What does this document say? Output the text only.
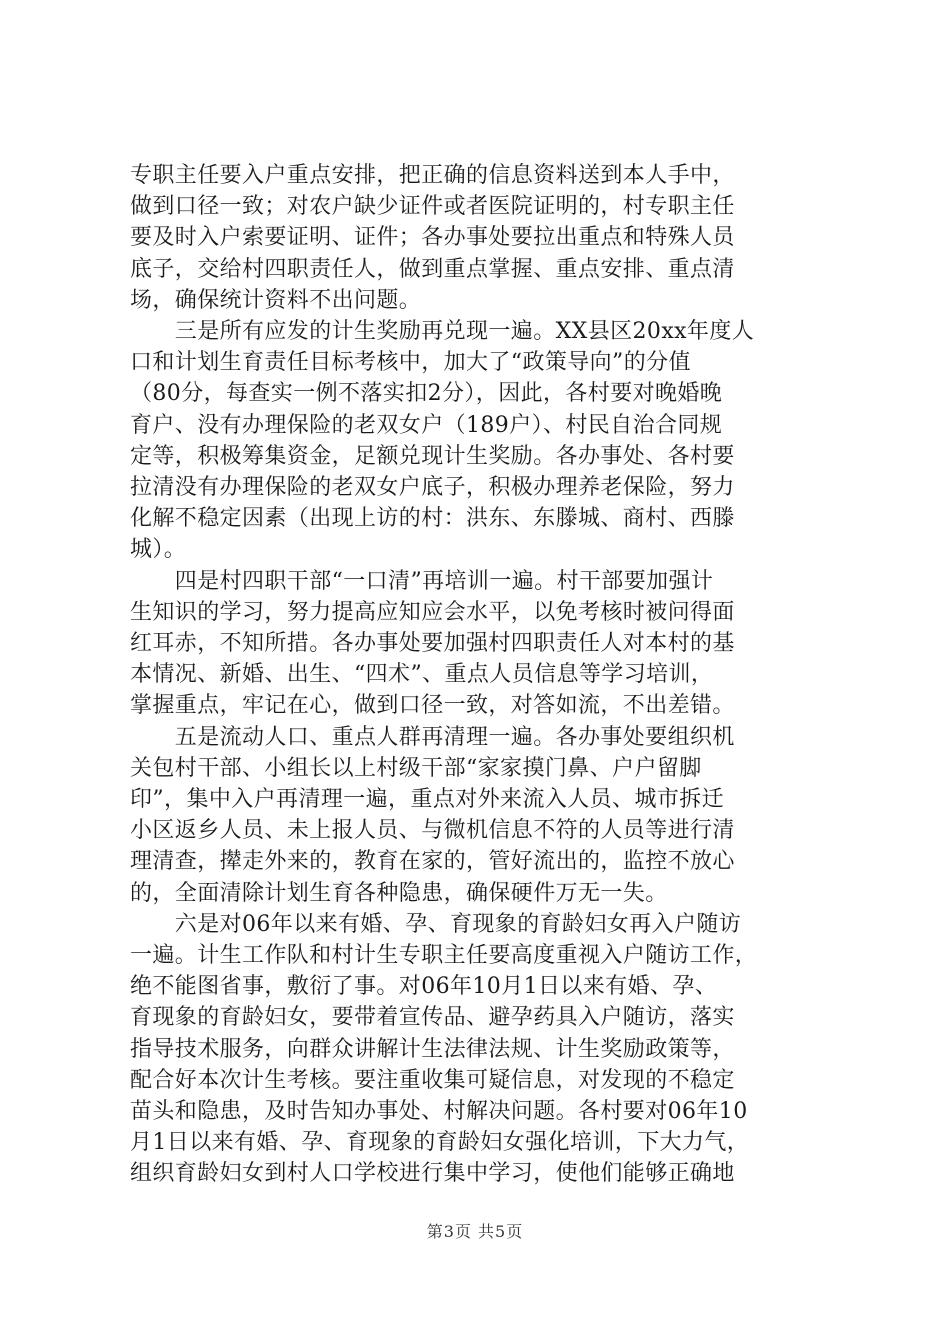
专职主任要入户重点安排，把正确的信息资料送到本人手中，
做到口径一致；对农户缺少证件或者医院证明的，村专职主任
要及时入户索要证明、证件；各办事处要拉出重点和特殊人员
底子，交给村四职责任人，做到重点掌握、重点安排、重点清
场，确保统计资料不出问题。
　　三是所有应发的计生奖励再兑现一遍。XX县区20xx年度人
口和计划生育责任目标考核中，加大了“政策导向”的分值
（80分，每查实一例不落实扣2分），因此，各村要对晚婚晚
育户、没有办理保险的老双女户（189户）、村民自治合同规
定等，积极筹集资金，足额兑现计生奖励。各办事处、各村要
拉清没有办理保险的老双女户底子，积极办理养老保险，努力
化解不稳定因素（出现上访的村：洪东、东滕城、商村、西滕
城）。
　　四是村四职干部“一口清”再培训一遍。村干部要加强计
生知识的学习，努力提高应知应会水平，以免考核时被问得面
红耳赤，不知所措。各办事处要加强村四职责任人对本村的基
本情况、新婚、出生、“四术”、重点人员信息等学习培训，
掌握重点，牢记在心，做到口径一致，对答如流，不出差错。
　　五是流动人口、重点人群再清理一遍。各办事处要组织机
关包村干部、小组长以上村级干部“家家摸门鼻、户户留脚
印”，集中入户再清理一遍，重点对外来流入人员、城市拆迁
小区返乡人员、未上报人员、与微机信息不符的人员等进行清
理清查，撵走外来的，教育在家的，管好流出的，监控不放心
的，全面清除计划生育各种隐患，确保硬件万无一失。
　　六是对06年以来有婚、孕、育现象的育龄妇女再入户随访
一遍。计生工作队和村计生专职主任要高度重视入户随访工作，
绝不能图省事，敷衍了事。对06年10月1日以来有婚、孕、
育现象的育龄妇女，要带着宣传品、避孕药具入户随访，落实
指导技术服务，向群众讲解计生法律法规、计生奖励政策等，
配合好本次计生考核。要注重收集可疑信息，对发现的不稳定
苗头和隐患，及时告知办事处、村解决问题。各村要对06年10
月1日以来有婚、孕、育现象的育龄妇女强化培训，下大力气，
组织育龄妇女到村人口学校进行集中学习，使他们能够正确地
第3页 共5页
